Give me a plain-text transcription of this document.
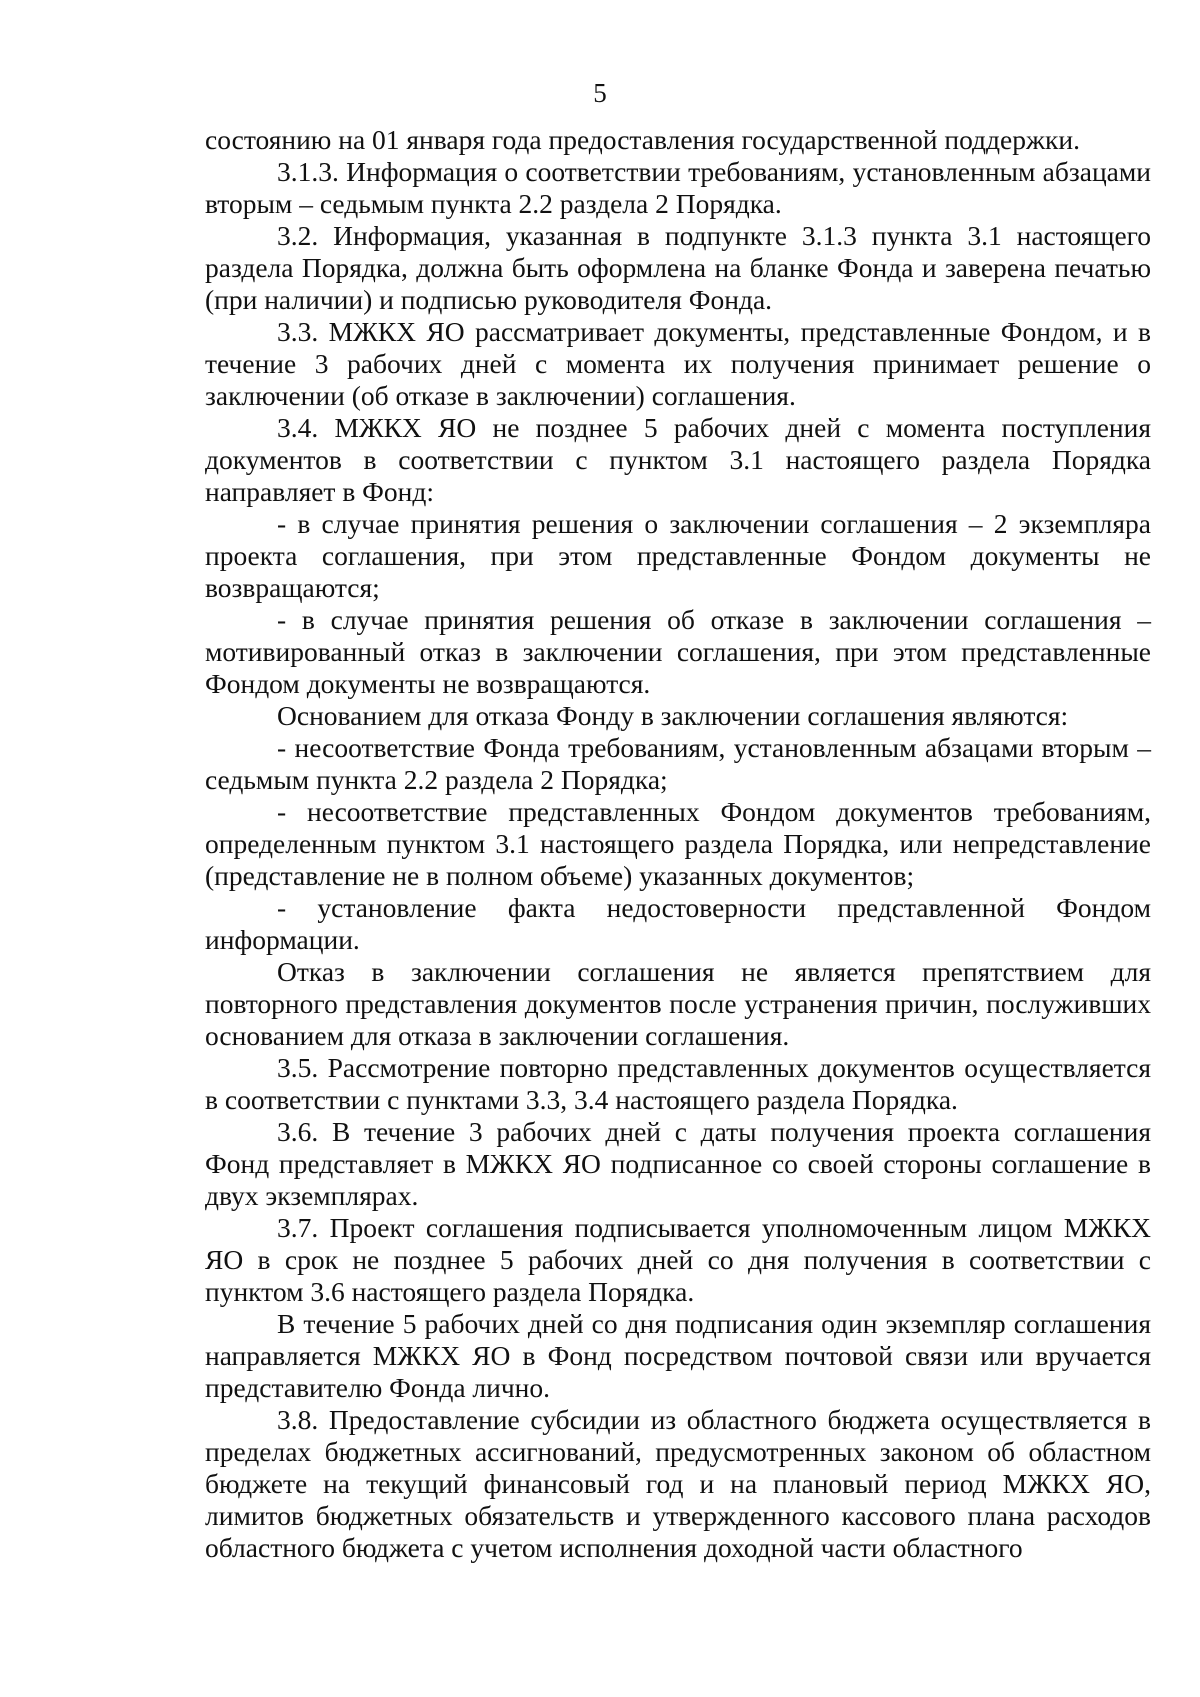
5

состоянию на 01 января года предоставления государственной поддержки.

3.1.3. Информация о соответствии требованиям, установленным абзацами вторым – седьмым пункта 2.2 раздела 2 Порядка.

3.2. Информация, указанная в подпункте 3.1.3 пункта 3.1 настоящего раздела Порядка, должна быть оформлена на бланке Фонда и заверена печатью (при наличии) и подписью руководителя Фонда.

3.3. МЖКХ ЯО рассматривает документы, представленные Фондом, и в течение 3 рабочих дней с момента их получения принимает решение о заключении (об отказе в заключении) соглашения.

3.4. МЖКХ ЯО не позднее 5 рабочих дней с момента поступления документов в соответствии с пунктом 3.1 настоящего раздела Порядка направляет в Фонд:

- в случае принятия решения о заключении соглашения – 2 экземпляра проекта соглашения, при этом представленные Фондом документы не возвращаются;

- в случае принятия решения об отказе в заключении соглашения – мотивированный отказ в заключении соглашения, при этом представленные Фондом документы не возвращаются.

Основанием для отказа Фонду в заключении соглашения являются:

- несоответствие Фонда требованиям, установленным абзацами вторым – седьмым пункта 2.2 раздела 2 Порядка;

- несоответствие представленных Фондом документов требованиям, определенным пунктом 3.1 настоящего раздела Порядка, или непредставление (представление не в полном объеме) указанных документов;

- установление факта недостоверности представленной Фондом информации.

Отказ в заключении соглашения не является препятствием для повторного представления документов после устранения причин, послуживших основанием для отказа в заключении соглашения.

3.5. Рассмотрение повторно представленных документов осуществляется в соответствии с пунктами 3.3, 3.4 настоящего раздела Порядка.

3.6. В течение 3 рабочих дней с даты получения проекта соглашения Фонд представляет в МЖКХ ЯО подписанное со своей стороны соглашение в двух экземплярах.

3.7. Проект соглашения подписывается уполномоченным лицом МЖКХ ЯО в срок не позднее 5 рабочих дней со дня получения в соответствии с пунктом 3.6 настоящего раздела Порядка.

В течение 5 рабочих дней со дня подписания один экземпляр соглашения направляется МЖКХ ЯО в Фонд посредством почтовой связи или вручается представителю Фонда лично.

3.8. Предоставление субсидии из областного бюджета осуществляется в пределах бюджетных ассигнований, предусмотренных законом об областном бюджете на текущий финансовый год и на плановый период МЖКХ ЯО, лимитов бюджетных обязательств и утвержденного кассового плана расходов областного бюджета с учетом исполнения доходной части областного
